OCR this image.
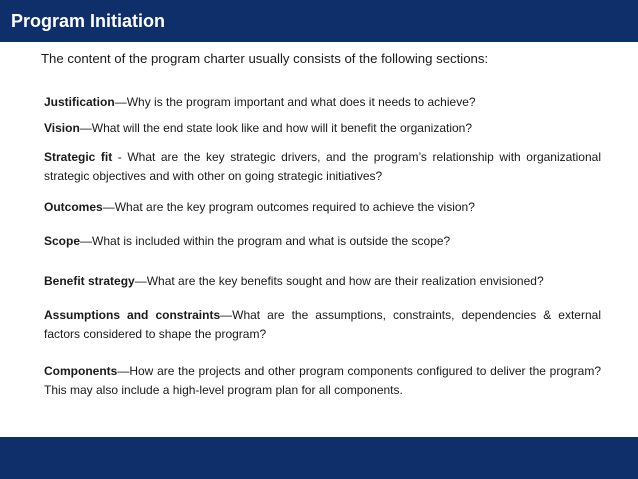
Program Initiation
The content of the program charter usually consists of the following sections:
Justification—Why is the program important and what does it needs to achieve?
Vision—What will the end state look like and how will it benefit the organization?
Strategic fit - What are the key strategic drivers, and the program’s relationship with organizational strategic objectives and with other on going strategic initiatives?
Outcomes—What are the key program outcomes required to achieve the vision?
Scope—What is included within the program and what is outside the scope?
Benefit strategy—What are the key benefits sought and how are their realization envisioned?
Assumptions and constraints—What are the assumptions, constraints, dependencies & external factors considered to shape the program?
Components—How are the projects and other program components configured to deliver the program? This may also include a high-level program plan for all components.
